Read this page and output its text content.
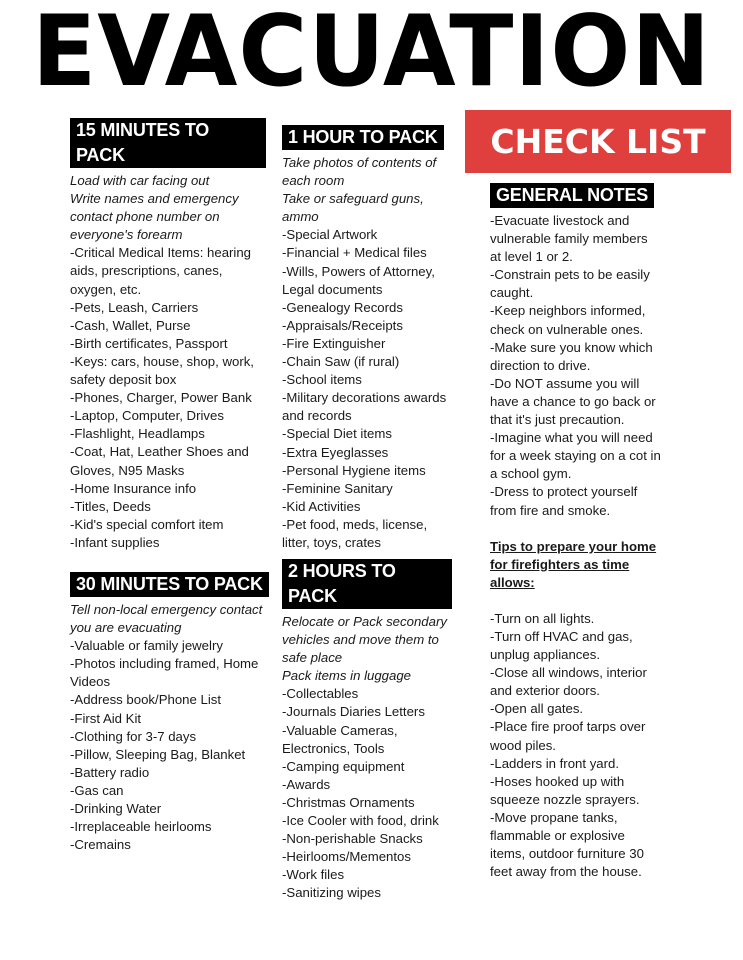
EVACUATION
CHECK LIST
15 MINUTES TO PACK

Load with car facing out

Write names and emergency contact phone number on everyone's forearm

-Critical Medical Items: hearing aids, prescriptions, canes, oxygen, etc.

-Pets, Leash, Carriers

-Cash, Wallet, Purse

-Birth certificates, Passport

-Keys: cars, house, shop, work, safety deposit box

-Phones, Charger, Power Bank

-Laptop, Computer, Drives

-Flashlight, Headlamps

-Coat, Hat, Leather Shoes and Gloves, N95 Masks

-Home Insurance info

-Titles, Deeds

-Kid's special comfort item

-Infant supplies

30 MINUTES TO PACK

Tell non-local emergency contact you are evacuating

-Valuable or family jewelry

-Photos including framed, Home Videos

-Address book/Phone List

-First Aid Kit

-Clothing for 3-7 days

-Pillow, Sleeping Bag, Blanket

-Battery radio

-Gas can

-Drinking Water

-Irreplaceable heirlooms

-Cremains

1 HOUR TO PACK

Take photos of contents of each room

Take or safeguard guns, ammo

-Special Artwork

-Financial + Medical files

-Wills, Powers of Attorney, Legal documents

-Genealogy Records

-Appraisals/Receipts

-Fire Extinguisher

-Chain Saw (if rural)

-School items

-Military decorations awards and records

-Special Diet items

-Extra Eyeglasses

-Personal Hygiene items

-Feminine Sanitary

-Kid Activities

-Pet food, meds, license, litter, toys, crates

2 HOURS TO PACK

Relocate or Pack secondary vehicles and move them to safe place

Pack items in luggage

-Collectables

-Journals Diaries Letters

-Valuable Cameras, Electronics, Tools

-Camping equipment

-Awards

-Christmas Ornaments

-Ice Cooler with food, drink

-Non-perishable Snacks

-Heirlooms/Mementos

-Work files

-Sanitizing wipes

GENERAL NOTES

-Evacuate livestock and vulnerable family members at level 1 or 2.

-Constrain pets to be easily caught.

-Keep neighbors informed, check on vulnerable ones.

-Make sure you know which direction to drive.

-Do NOT assume you will have a chance to go back or that it's just precaution.

-Imagine what you will need for a week staying on a cot in a school gym.

-Dress to protect yourself from fire and smoke.

Tips to prepare your home for firefighters as time allows:

-Turn on all lights.

-Turn off HVAC and gas, unplug appliances.

-Close all windows, interior and exterior doors.

-Open all gates.

-Place fire proof tarps over wood piles.

-Ladders in front yard.

-Hoses hooked up with squeeze nozzle sprayers.

-Move propane tanks, flammable or explosive items, outdoor furniture 30 feet away from the house.
